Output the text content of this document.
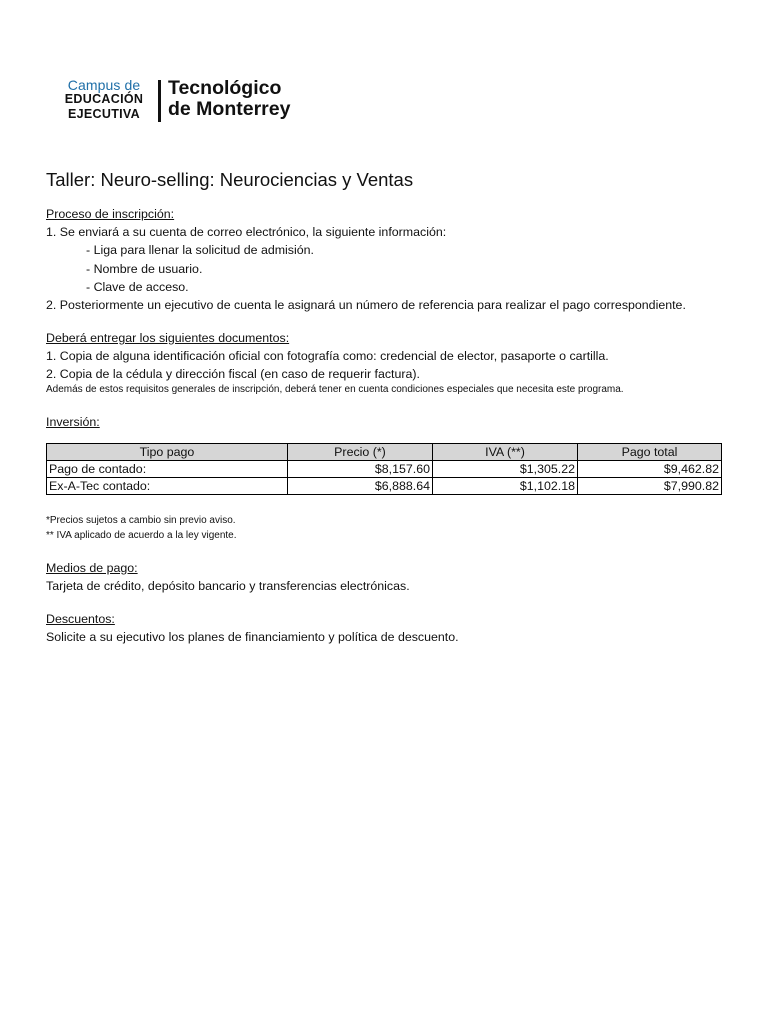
Campus de
EDUCACIÓN
EJECUTIVA
Tecnológico
de Monterrey
Taller: Neuro-selling: Neurociencias y Ventas
Proceso de inscripción:
1. Se enviará a su cuenta de correo electrónico, la siguiente información:
- Liga para llenar la solicitud de admisión.
- Nombre de usuario.
- Clave de acceso.
2. Posteriormente un ejecutivo de cuenta le asignará un número de referencia para realizar el pago correspondiente.
Deberá entregar los siguientes documentos:
1. Copia de alguna identificación oficial con fotografía como: credencial de elector, pasaporte o cartilla.
2. Copia de la cédula y dirección fiscal (en caso de requerir factura).
Además de estos requisitos generales de inscripción, deberá tener en cuenta condiciones especiales que necesita este programa.
Inversión:
Tipo pago	Precio (*)	IVA (**)	Pago total
Pago de contado:	$8,157.60	$1,305.22	$9,462.82
Ex-A-Tec contado:	$6,888.64	$1,102.18	$7,990.82
*Precios sujetos a cambio sin previo aviso.
** IVA aplicado de acuerdo a la ley vigente.
Medios de pago:
Tarjeta de crédito, depósito bancario y transferencias electrónicas.
Descuentos:
Solicite a su ejecutivo los planes de financiamiento y política de descuento.
